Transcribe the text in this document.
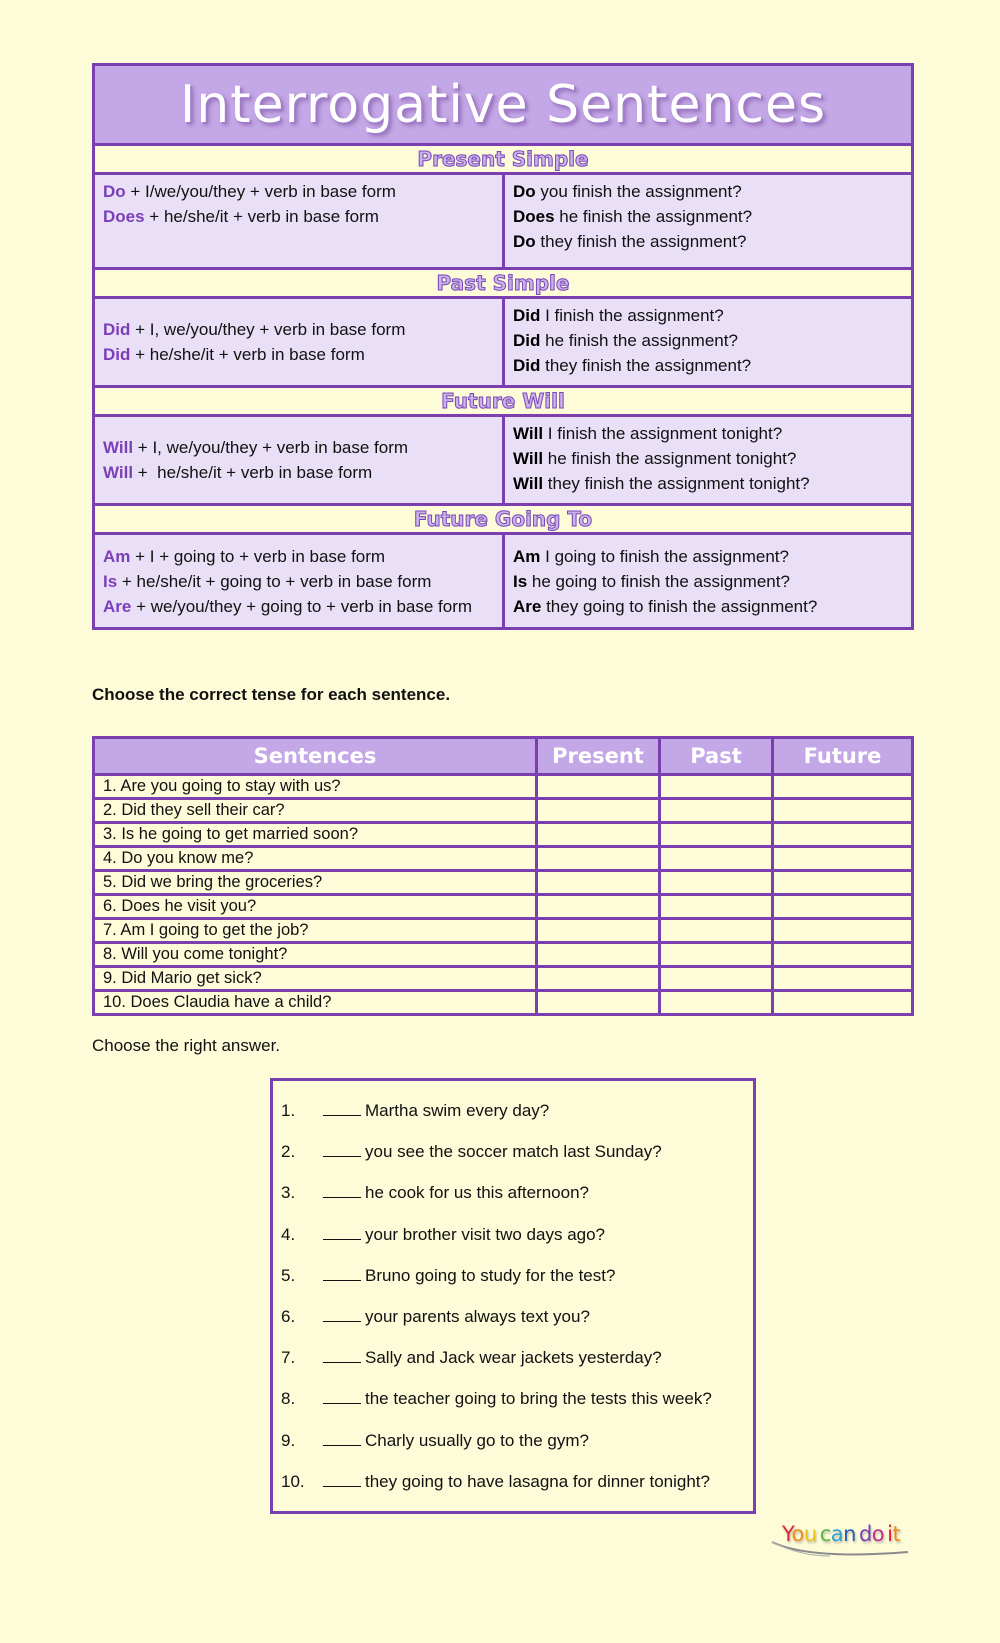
Interrogative Sentences
Present Simple
Do + I/we/you/they + verb in base form
Does + he/she/it + verb in base form
Do you finish the assignment?
Does he finish the assignment?
Do they finish the assignment?
Past Simple
Did + I, we/you/they + verb in base form
Did + he/she/it + verb in base form
Did I finish the assignment?
Did he finish the assignment?
Did they finish the assignment?
Future Will
Will + I, we/you/they + verb in base form
Will +  he/she/it + verb in base form
Will I finish the assignment tonight?
Will he finish the assignment tonight?
Will they finish the assignment tonight?
Future Going To
Am + I + going to + verb in base form
Is + he/she/it + going to + verb in base form
Are + we/you/they + going to + verb in base form
Am I going to finish the assignment?
Is he going to finish the assignment?
Are they going to finish the assignment?
Choose the correct tense for each sentence.
Sentences	Present	Past	Future
1. Are you going to stay with us?			
2. Did they sell their car?			
3. Is he going to get married soon?			
4. Do you know me?			
5. Did we bring the groceries?			
6. Does he visit you?			
7. Am I going to get the job?			
8. Will you come tonight?			
9. Did Mario get sick?			
10. Does Claudia have a child?			
Choose the right answer.
1.	Martha swim every day?
2.	you see the soccer match last Sunday?
3.	he cook for us this afternoon?
4.	your brother visit two days ago?
5.	Bruno going to study for the test?
6.	your parents always text you?
7.	Sally and Jack wear jackets yesterday?
8.	the teacher going to bring the tests this week?
9.	Charly usually go to the gym?
10.	they going to have lasagna for dinner tonight?
You can do it
